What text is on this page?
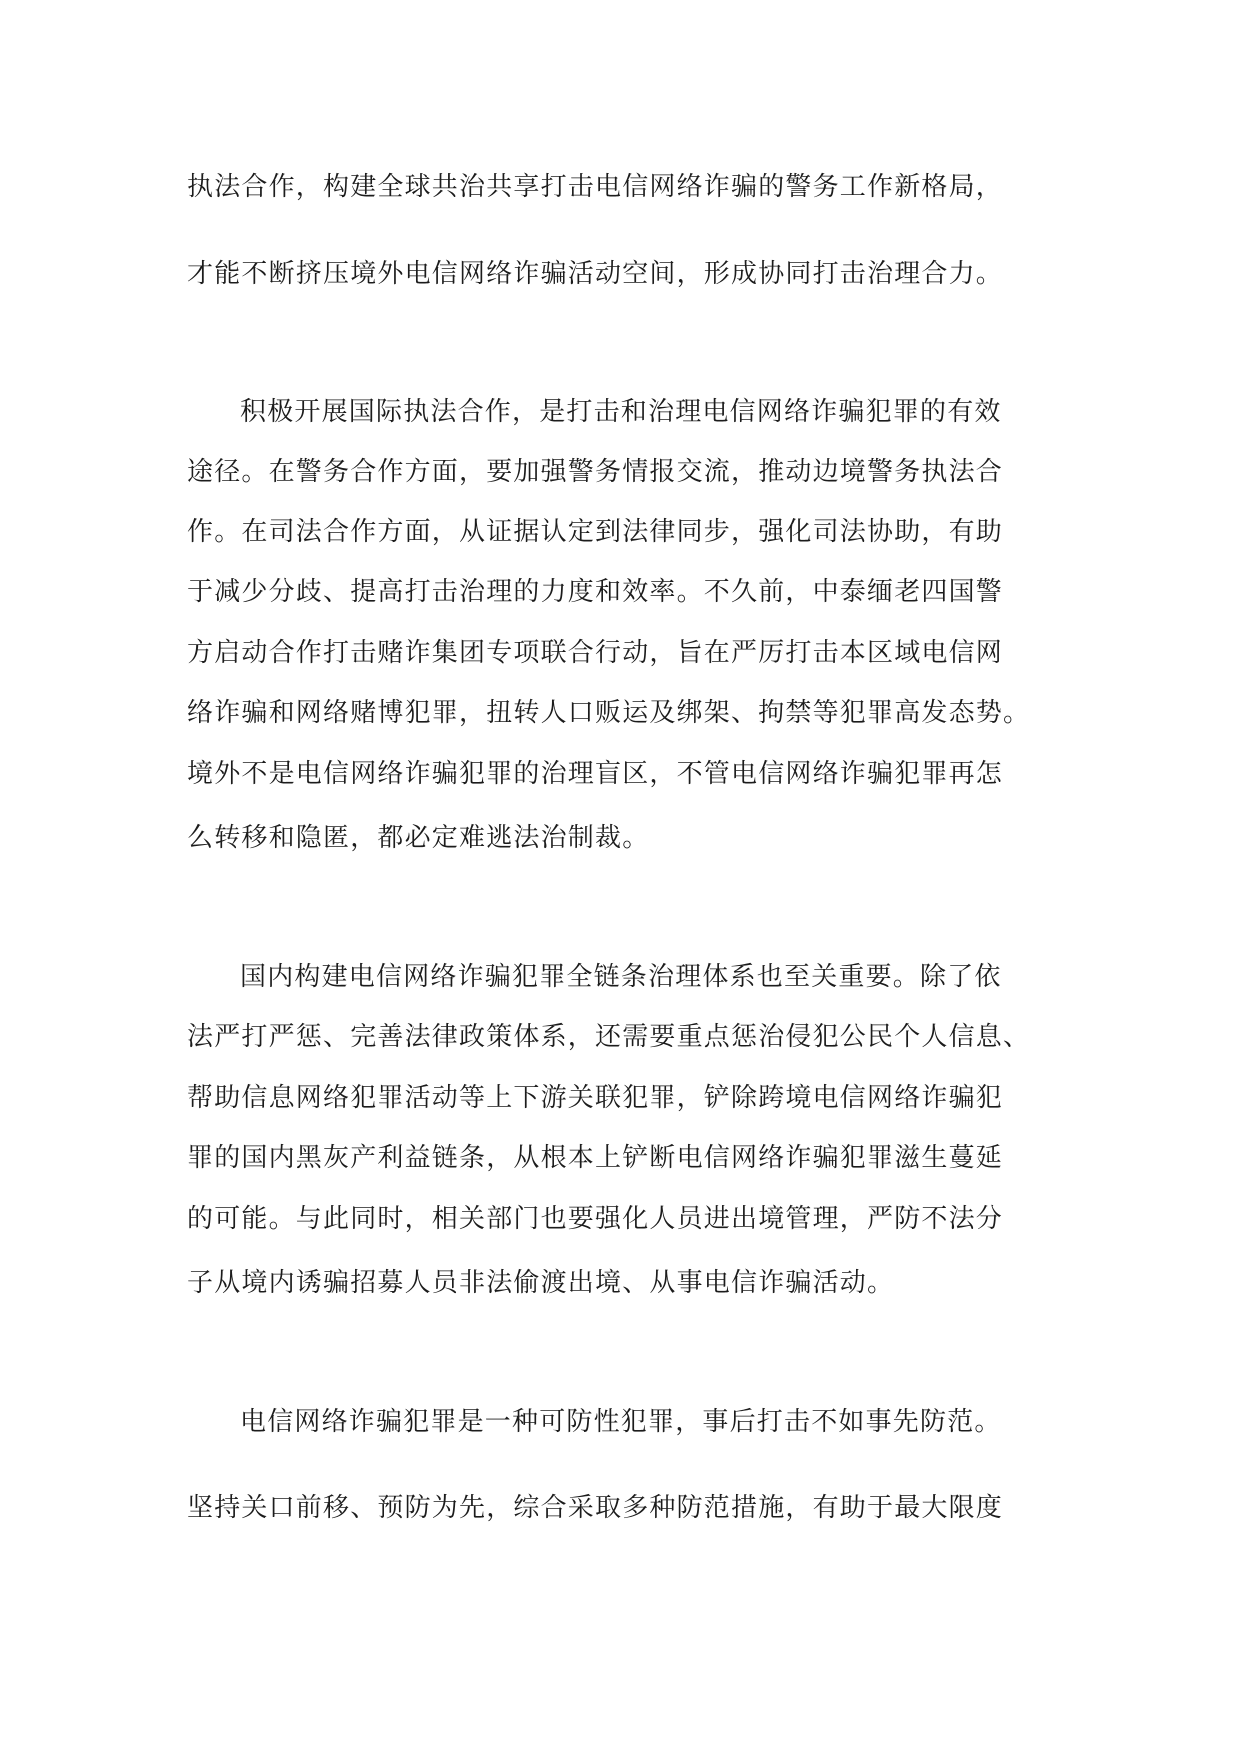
执法合作，构建全球共治共享打击电信网络诈骗的警务工作新格局，
才能不断挤压境外电信网络诈骗活动空间，形成协同打击治理合力。
积极开展国际执法合作，是打击和治理电信网络诈骗犯罪的有效
途径。在警务合作方面，要加强警务情报交流，推动边境警务执法合
作。在司法合作方面，从证据认定到法律同步，强化司法协助，有助
于减少分歧、提高打击治理的力度和效率。不久前，中泰缅老四国警
方启动合作打击赌诈集团专项联合行动，旨在严厉打击本区域电信网
络诈骗和网络赌博犯罪，扭转人口贩运及绑架、拘禁等犯罪高发态势。
境外不是电信网络诈骗犯罪的治理盲区，不管电信网络诈骗犯罪再怎
么转移和隐匿，都必定难逃法治制裁。
国内构建电信网络诈骗犯罪全链条治理体系也至关重要。除了依
法严打严惩、完善法律政策体系，还需要重点惩治侵犯公民个人信息、
帮助信息网络犯罪活动等上下游关联犯罪，铲除跨境电信网络诈骗犯
罪的国内黑灰产利益链条，从根本上铲断电信网络诈骗犯罪滋生蔓延
的可能。与此同时，相关部门也要强化人员进出境管理，严防不法分
子从境内诱骗招募人员非法偷渡出境、从事电信诈骗活动。
电信网络诈骗犯罪是一种可防性犯罪，事后打击不如事先防范。
坚持关口前移、预防为先，综合采取多种防范措施，有助于最大限度
